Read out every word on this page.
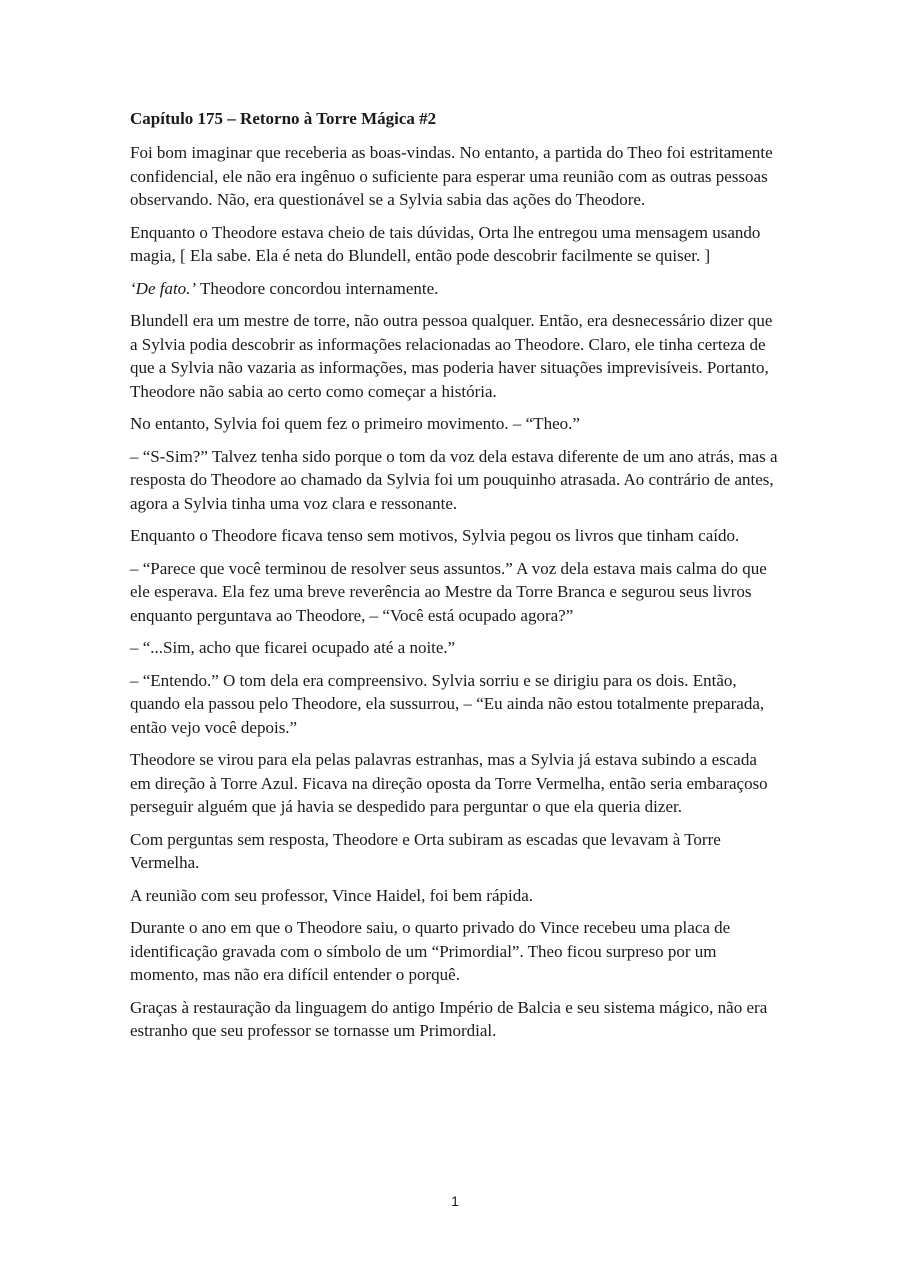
Capítulo 175 – Retorno à Torre Mágica #2

Foi bom imaginar que receberia as boas-vindas. No entanto, a partida do Theo foi estritamente confidencial, ele não era ingênuo o suficiente para esperar uma reunião com as outras pessoas observando. Não, era questionável se a Sylvia sabia das ações do Theodore.

Enquanto o Theodore estava cheio de tais dúvidas, Orta lhe entregou uma mensagem usando magia, [ Ela sabe. Ela é neta do Blundell, então pode descobrir facilmente se quiser. ]

‘De fato.’ Theodore concordou internamente.

Blundell era um mestre de torre, não outra pessoa qualquer. Então, era desnecessário dizer que a Sylvia podia descobrir as informações relacionadas ao Theodore. Claro, ele tinha certeza de que a Sylvia não vazaria as informações, mas poderia haver situações imprevisíveis. Portanto, Theodore não sabia ao certo como começar a história.

No entanto, Sylvia foi quem fez o primeiro movimento. – “Theo.”

– “S-Sim?” Talvez tenha sido porque o tom da voz dela estava diferente de um ano atrás, mas a resposta do Theodore ao chamado da Sylvia foi um pouquinho atrasada. Ao contrário de antes, agora a Sylvia tinha uma voz clara e ressonante.

Enquanto o Theodore ficava tenso sem motivos, Sylvia pegou os livros que tinham caído.

– “Parece que você terminou de resolver seus assuntos.” A voz dela estava mais calma do que ele esperava. Ela fez uma breve reverência ao Mestre da Torre Branca e segurou seus livros enquanto perguntava ao Theodore, – “Você está ocupado agora?”

– “...Sim, acho que ficarei ocupado até a noite.”

– “Entendo.” O tom dela era compreensivo. Sylvia sorriu e se dirigiu para os dois. Então, quando ela passou pelo Theodore, ela sussurrou, – “Eu ainda não estou totalmente preparada, então vejo você depois.”

Theodore se virou para ela pelas palavras estranhas, mas a Sylvia já estava subindo a escada em direção à Torre Azul. Ficava na direção oposta da Torre Vermelha, então seria embaraçoso perseguir alguém que já havia se despedido para perguntar o que ela queria dizer.

Com perguntas sem resposta, Theodore e Orta subiram as escadas que levavam à Torre Vermelha.

A reunião com seu professor, Vince Haidel, foi bem rápida.

Durante o ano em que o Theodore saiu, o quarto privado do Vince recebeu uma placa de identificação gravada com o símbolo de um “Primordial”. Theo ficou surpreso por um momento, mas não era difícil entender o porquê.

Graças à restauração da linguagem do antigo Império de Balcia e seu sistema mágico, não era estranho que seu professor se tornasse um Primordial.

1
